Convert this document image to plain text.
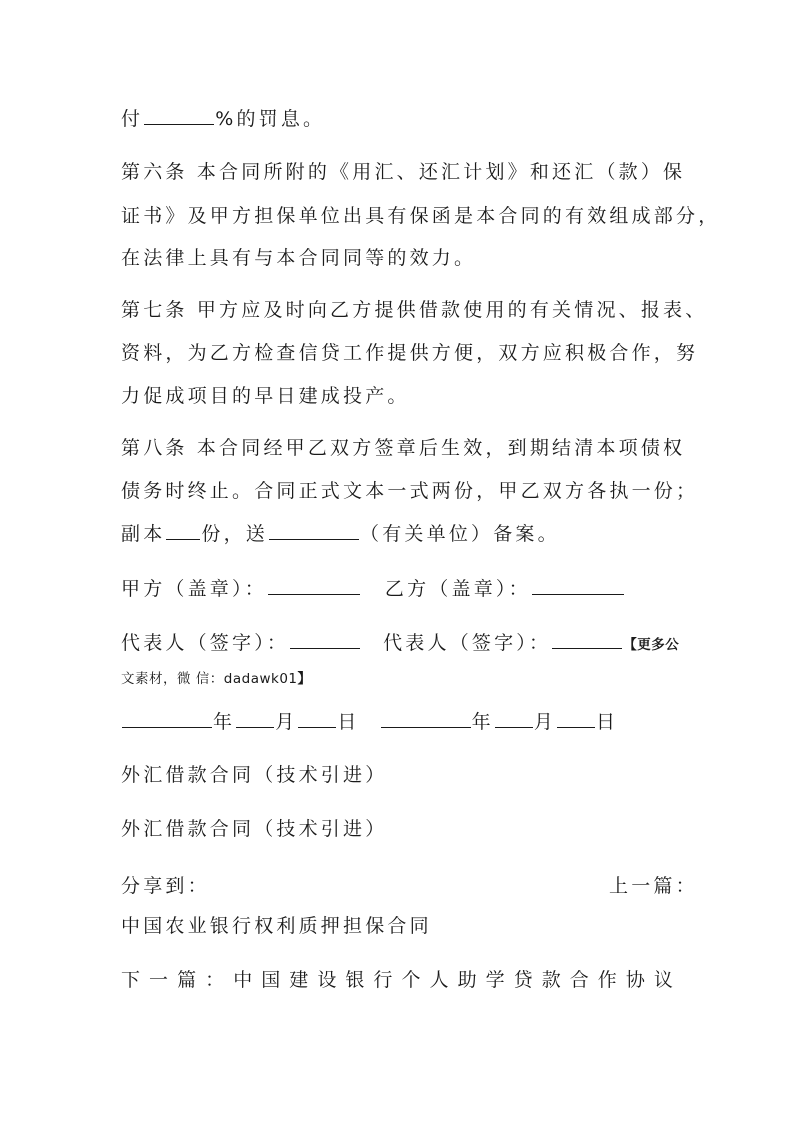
付	%的罚息。
第六条 本合同所附的《用汇、还汇计划》和还汇（款）保
证书》及甲方担保单位出具有保函是本合同的有效组成部分，
在法律上具有与本合同同等的效力。
第七条 甲方应及时向乙方提供借款使用的有关情况、报表、
资料，为乙方检查信贷工作提供方便，双方应积极合作，努
力促成项目的早日建成投产。
第八条 本合同经甲乙双方签章后生效，到期结清本项债权
债务时终止。合同正式文本一式两份，甲乙双方各执一份；
副本 份，送	（有关单位）备案。
甲方（盖章）：	乙方（盖章）：
代表人（签字）：	代表人（签字）：	【更多公
文素材，微 信：dadawk01】
年 月 日	年 月 日
外汇借款合同（技术引进）
外汇借款合同（技术引进）
分享到：	上一篇：
中国农业银行权利质押担保合同
下 一 篇 ： 中 国 建 设 银 行 个 人 助 学 贷 款 合 作 协 议
